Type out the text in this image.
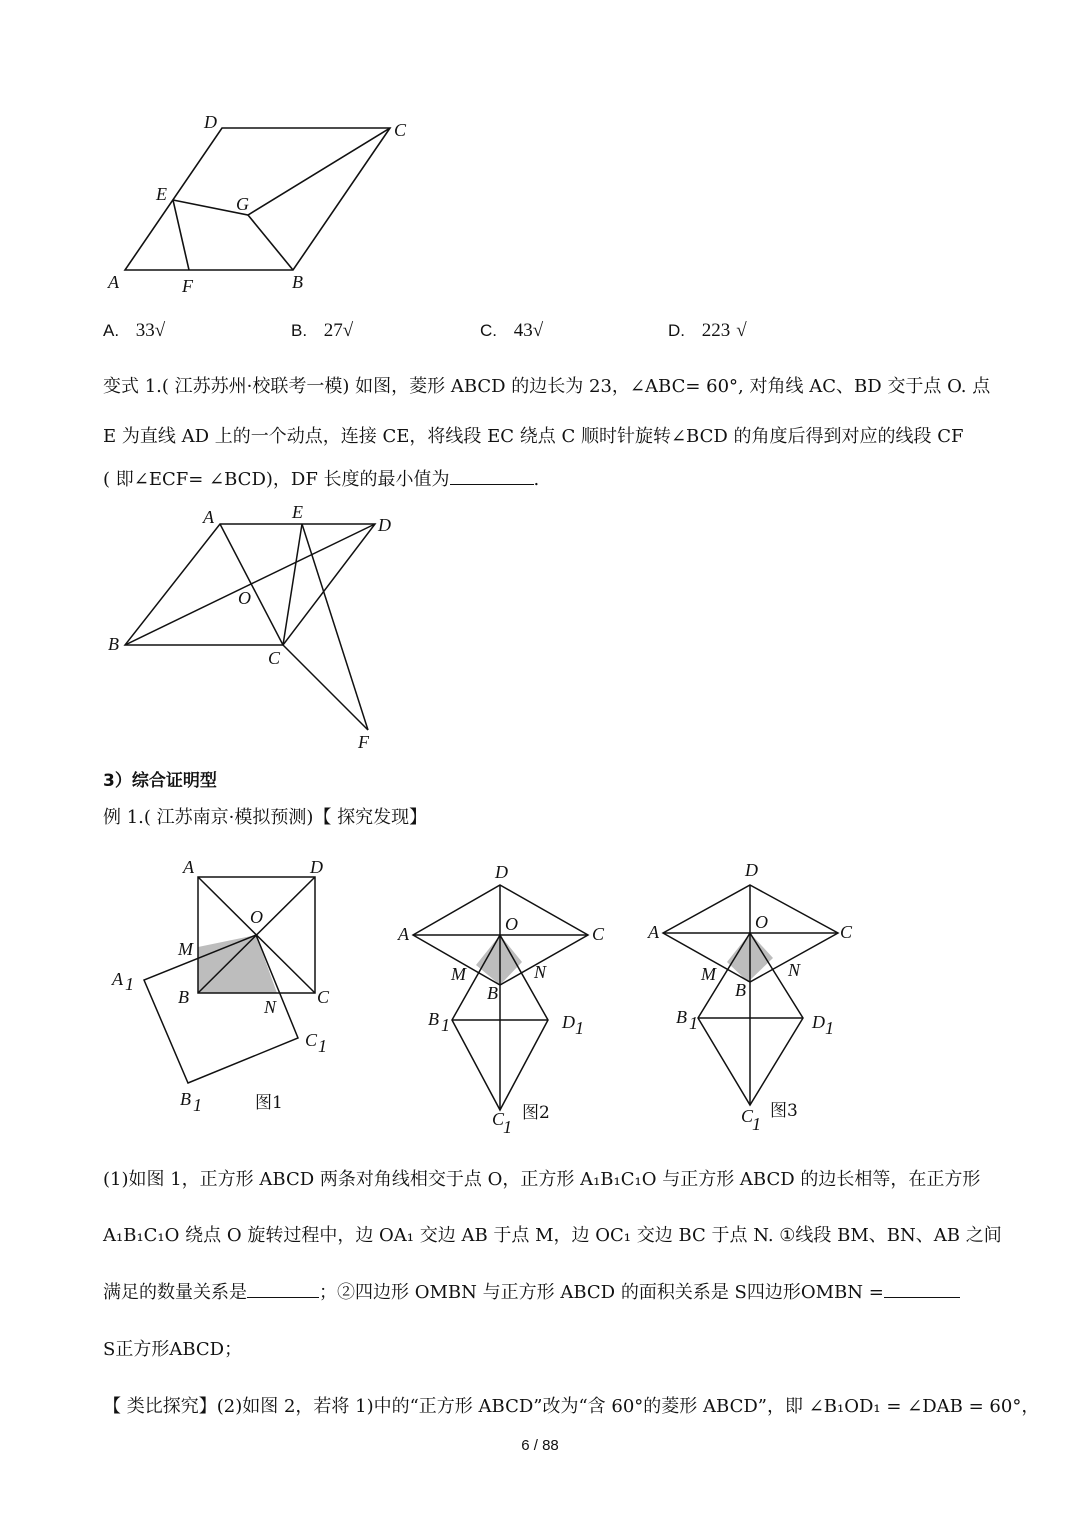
D	C
E	G
A	F	B
A. 33√	B. 27√	C. 43√	D. 223 √
变式 1.( 江苏苏州·校联考一模) 如图，菱形 ABCD 的边长为 23，∠ABC= 60°, 对角线 AC、BD 交于点 O. 点
E 为直线 AD 上的一个动点，连接 CE，将线段 EC 绕点 C 顺时针旋转∠BCD 的角度后得到对应的线段 CF
( 即∠ECF= ∠BCD)，DF 长度的最小值为	.
A	E
D
O
B
C
F
3）综合证明型
例 1.( 江苏南京·模拟预测)【 探究发现】
A	D
O
M
B	C
N
A 1
C 1
B 1	图1
D
O
A	C
M	N
B
B 1	D 1
C
1
图2
D
O
A	C
M	N
B
B 1	D 1
C
1
图3
(1)如图 1，正方形 ABCD 两条对角线相交于点 O，正方形 A₁B₁C₁O 与正方形 ABCD 的边长相等，在正方形
A₁B₁C₁O 绕点 O 旋转过程中，边 OA₁ 交边 AB 于点 M，边 OC₁ 交边 BC 于点 N. ①线段 BM、BN、AB 之间
满足的数量关系是	；②四边形 OMBN 与正方形 ABCD 的面积关系是 S四边形OMBN =
S正方形ABCD；
【 类比探究】(2)如图 2，若将 1)中的“正方形 ABCD”改为“含 60°的菱形 ABCD”，即 ∠B₁OD₁ = ∠DAB = 60°，
6 / 88
